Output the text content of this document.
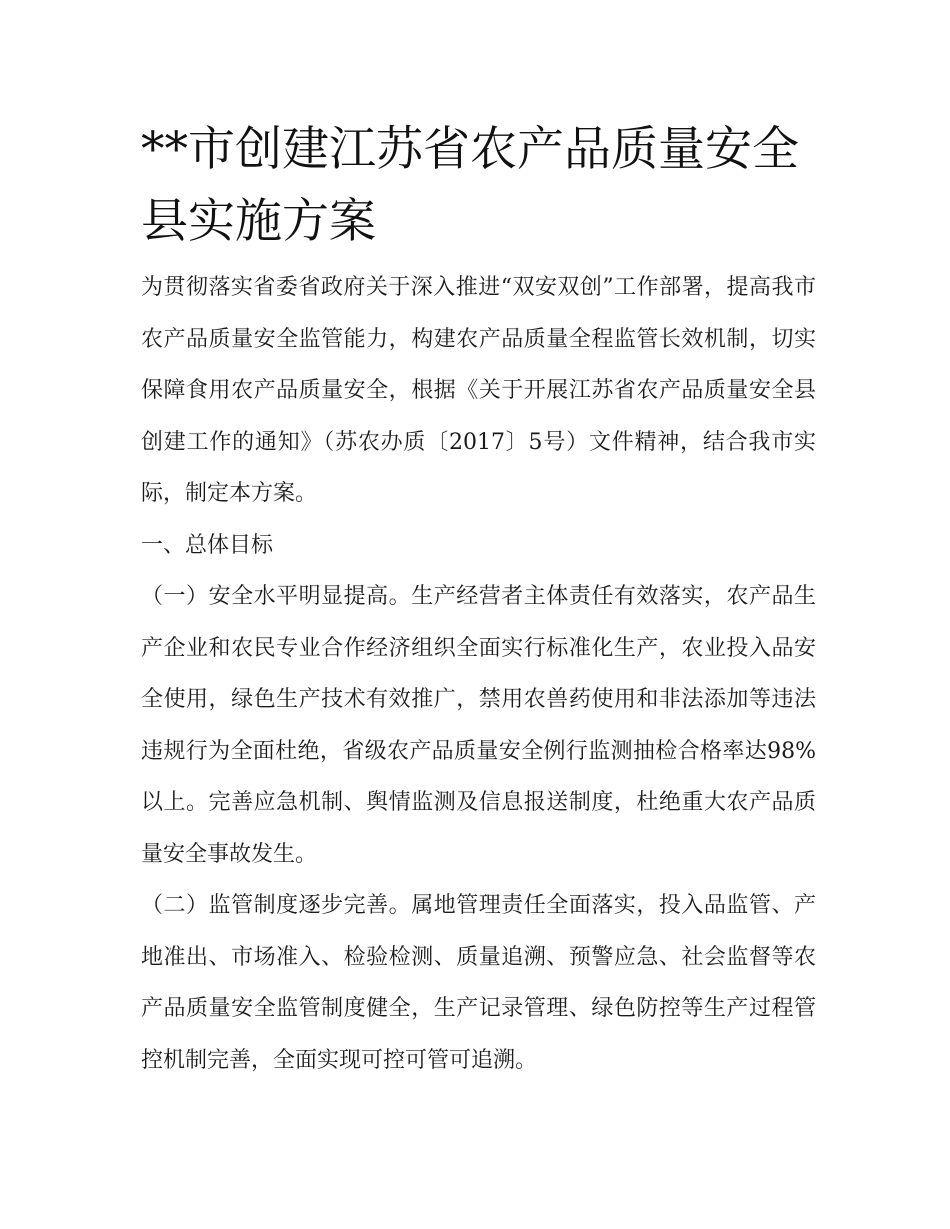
**市创建江苏省农产品质量安全县实施方案

为贯彻落实省委省政府关于深入推进“双安双创”工作部署，提高我市农产品质量安全监管能力，构建农产品质量全程监管长效机制，切实保障食用农产品质量安全，根据《关于开展江苏省农产品质量安全县创建工作的通知》（苏农办质〔2017〕5号）文件精神，结合我市实际，制定本方案。

一、总体目标

（一）安全水平明显提高。生产经营者主体责任有效落实，农产品生产企业和农民专业合作经济组织全面实行标准化生产，农业投入品安全使用，绿色生产技术有效推广，禁用农兽药使用和非法添加等违法违规行为全面杜绝，省级农产品质量安全例行监测抽检合格率达98%以上。完善应急机制、舆情监测及信息报送制度，杜绝重大农产品质量安全事故发生。

（二）监管制度逐步完善。属地管理责任全面落实，投入品监管、产地准出、市场准入、检验检测、质量追溯、预警应急、社会监督等农产品质量安全监管制度健全，生产记录管理、绿色防控等生产过程管控机制完善，全面实现可控可管可追溯。
